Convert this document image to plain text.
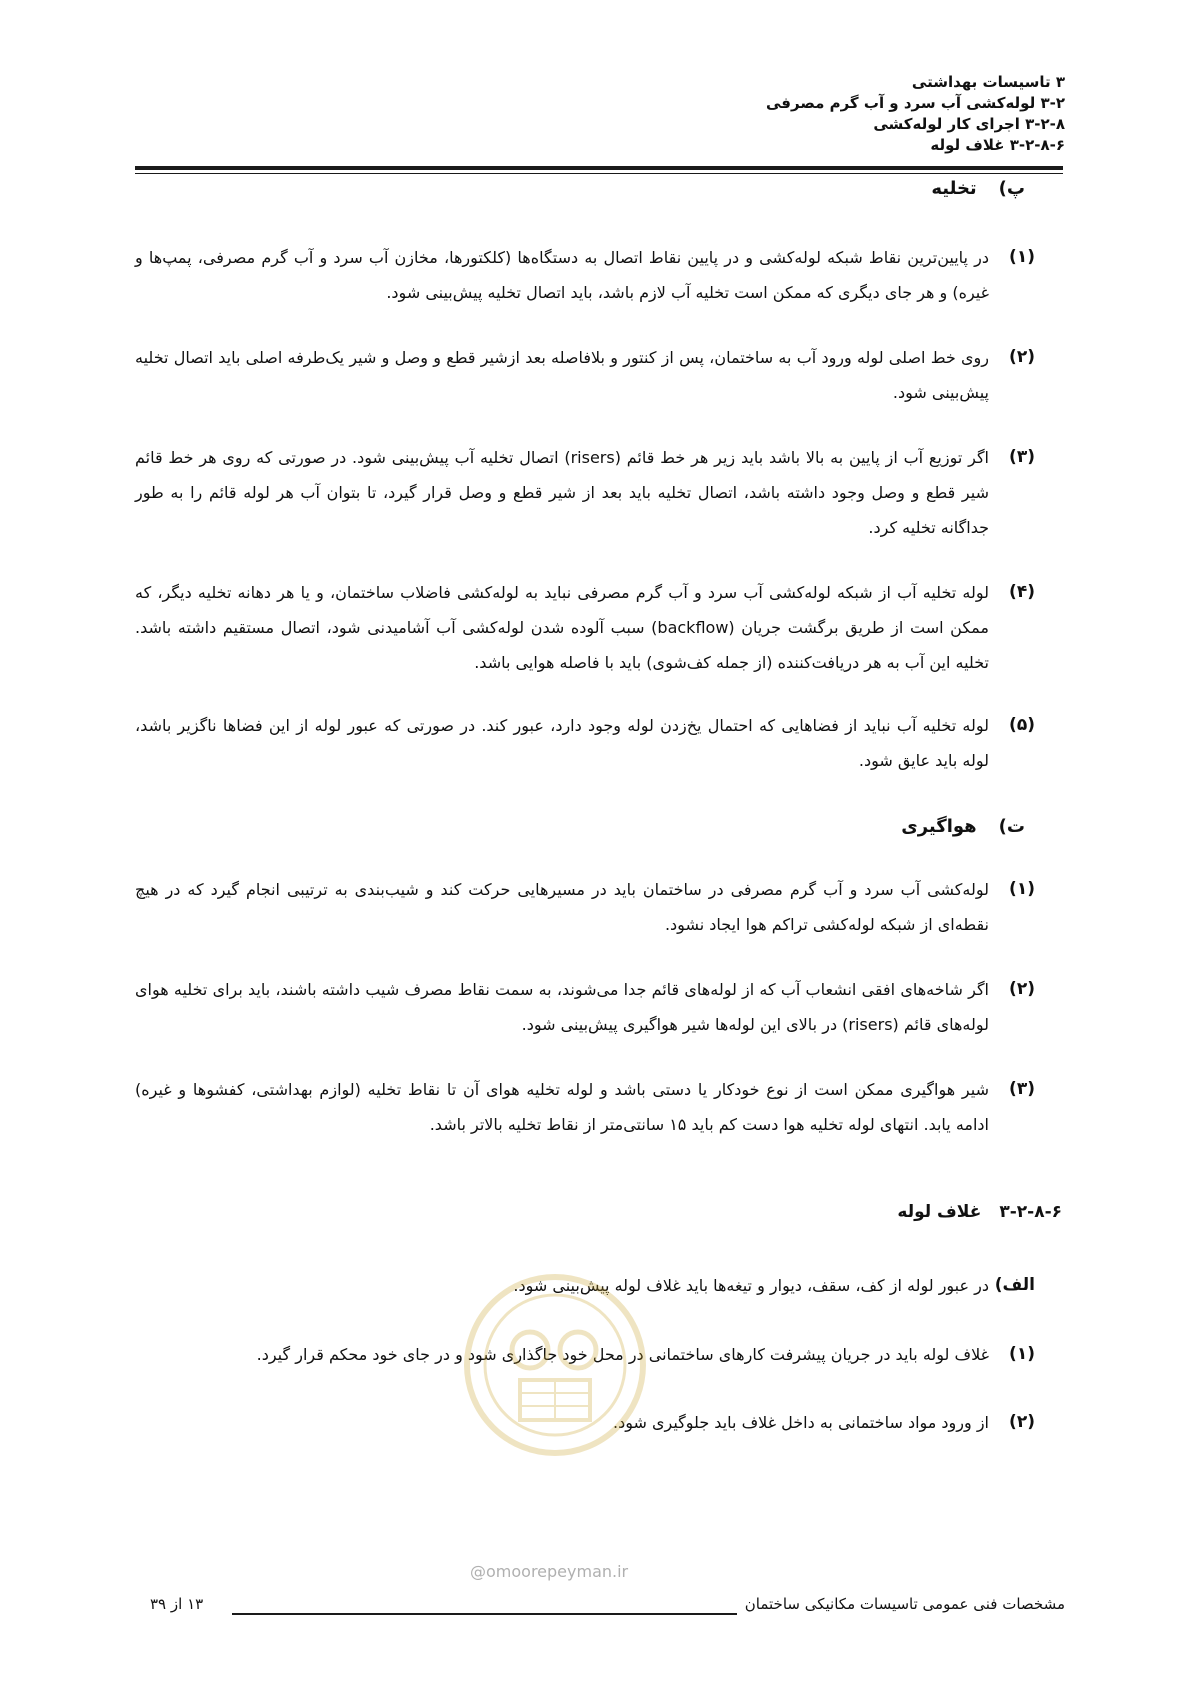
۳ تاسیسات بهداشتی
۳-۲ لوله‌کشی آب سرد و آب گرم مصرفی
۳-۲-۸ اجرای کار لوله‌کشی
۳-۲-۸-۶ غلاف لوله
پ)
تخلیه
(۱)
در پایین‌ترین نقاط شبکه لوله‌کشی و در پایین نقاط اتصال به دستگاه‌ها (کلکتورها، مخازن آب سرد و آب گرم مصرفی، پمپ‌ها و غیره) و هر جای دیگری که ممکن است تخلیه آب لازم باشد، باید اتصال تخلیه پیش‌بینی شود.
(۲)
روی خط اصلی لوله ورود آب به ساختمان، پس از کنتور و بلافاصله بعد ازشیر قطع و وصل و شیر یک‌طرفه اصلی باید اتصال تخلیه پیش‌بینی شود.
(۳)
اگر توزیع آب از پایین به بالا باشد باید زیر هر خط قائم (risers) اتصال تخلیه آب پیش‌بینی شود. در صورتی که روی هر خط قائم شیر قطع و وصل وجود داشته باشد، اتصال تخلیه باید بعد از شیر قطع و وصل قرار گیرد، تا بتوان آب هر لوله قائم را به طور جداگانه تخلیه کرد.
(۴)
لوله تخلیه آب از شبکه لوله‌کشی آب سرد و آب گرم مصرفی نباید به لوله‌کشی فاضلاب ساختمان، و یا هر دهانه تخلیه دیگر، که ممکن است از طریق برگشت جریان (backflow) سبب آلوده شدن لوله‌کشی آب آشامیدنی شود، اتصال مستقیم داشته باشد. تخلیه این آب به هر دریافت‌کننده (از جمله کف‌شوی) باید با فاصله هوایی باشد.
(۵)
لوله تخلیه آب نباید از فضاهایی که احتمال یخ‌زدن لوله وجود دارد، عبور کند. در صورتی که عبور لوله از این فضاها ناگزیر باشد، لوله باید عایق شود.
ت)
هواگیری
(۱)
لوله‌کشی آب سرد و آب گرم مصرفی در ساختمان باید در مسیرهایی حرکت کند و شیب‌بندی به ترتیبی انجام گیرد که در هیچ نقطه‌ای از شبکه لوله‌کشی تراکم هوا ایجاد نشود.
(۲)
اگر شاخه‌های افقی انشعاب آب که از لوله‌های قائم جدا می‌شوند، به سمت نقاط مصرف شیب داشته باشند، باید برای تخلیه هوای لوله‌های قائم (risers) در بالای این لوله‌ها شیر هواگیری پیش‌بینی شود.
(۳)
شیر هواگیری ممکن است از نوع خودکار یا دستی باشد و لوله تخلیه هوای آن تا نقاط تخلیه (لوازم بهداشتی، کفشوها و غیره) ادامه یابد. انتهای لوله تخلیه هوا دست کم باید ۱۵ سانتی‌متر از نقاط تخلیه بالاتر باشد.
۳-۲-۸-۶
غلاف لوله
الف)
در عبور لوله از کف، سقف، دیوار و تیغه‌ها باید غلاف لوله پیش‌بینی شود.
(۱)
غلاف لوله باید در جریان پیشرفت کارهای ساختمانی در محل خود جاگذاری شود و در جای خود محکم قرار گیرد.
(۲)
از ورود مواد ساختمانی به داخل غلاف باید جلوگیری شود.
@omoorepeyman.ir
مشخصات فنی عمومی تاسیسات مکانیکی ساختمان
۱۳ از ۳۹
